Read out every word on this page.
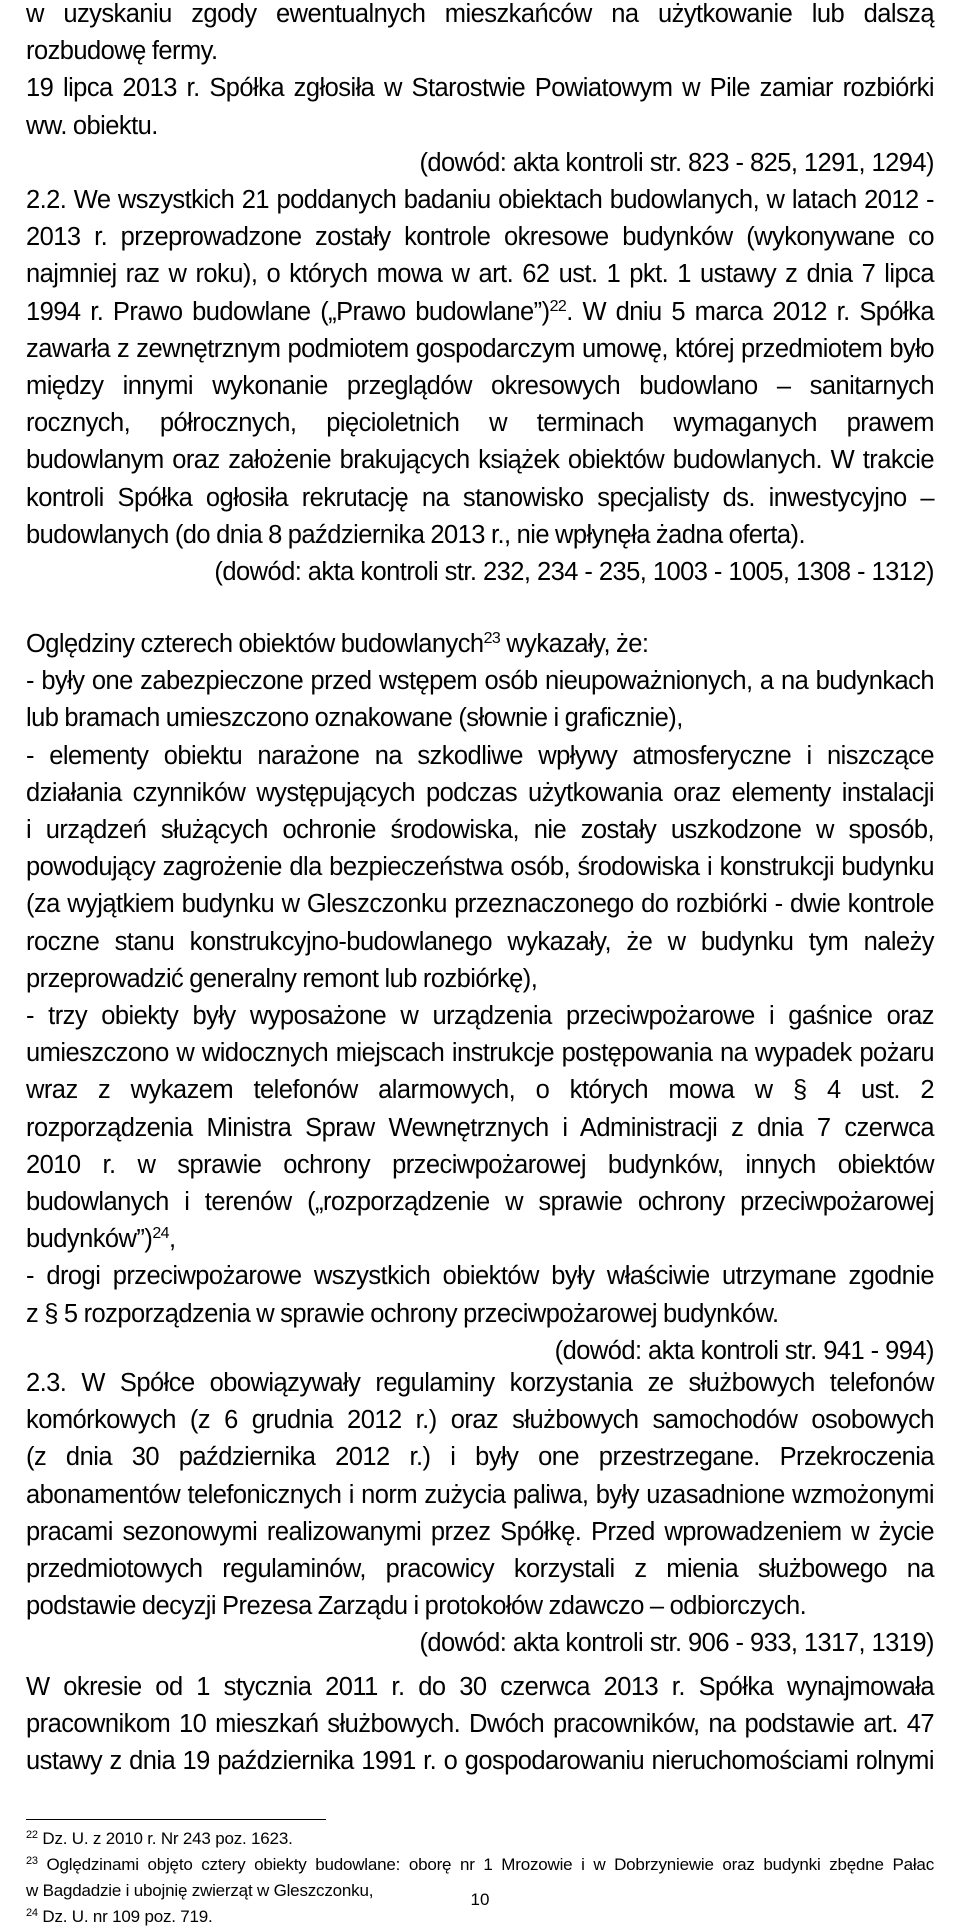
w uzyskaniu zgody ewentualnych mieszkańców na użytkowanie lub dalszą

rozbudowę fermy.

19 lipca 2013 r. Spółka zgłosiła w Starostwie Powiatowym w Pile zamiar rozbiórki

ww. obiektu.

(dowód: akta kontroli str. 823 - 825, 1291, 1294)

2.2. We wszystkich 21 poddanych badaniu obiektach budowlanych, w latach 2012 -

2013 r. przeprowadzone zostały kontrole okresowe budynków (wykonywane co

najmniej raz w roku), o których mowa w art. 62 ust. 1 pkt. 1 ustawy z dnia 7 lipca

1994 r. Prawo budowlane („Prawo budowlane”)$^{22}$. W dniu 5 marca 2012 r. Spółka

zawarła z zewnętrznym podmiotem gospodarczym umowę, której przedmiotem było

między innymi wykonanie przeglądów okresowych budowlano – sanitarnych

rocznych, półrocznych, pięcioletnich w terminach wymaganych prawem

budowlanym oraz założenie brakujących książek obiektów budowlanych. W trakcie

kontroli Spółka ogłosiła rekrutację na stanowisko specjalisty ds. inwestycyjno –

budowlanych (do dnia 8 października 2013 r., nie wpłynęła żadna oferta).

(dowód: akta kontroli str. 232, 234 - 235, 1003 - 1005, 1308 - 1312)

Oględziny czterech obiektów budowlanych$^{23}$ wykazały, że:

- były one zabezpieczone przed wstępem osób nieupoważnionych, a na budynkach

lub bramach umieszczono oznakowane (słownie i graficznie),

- elementy obiektu narażone na szkodliwe wpływy atmosferyczne i niszczące

działania czynników występujących podczas użytkowania oraz elementy instalacji

i urządzeń służących ochronie środowiska, nie zostały uszkodzone w sposób,

powodujący zagrożenie dla bezpieczeństwa osób, środowiska i konstrukcji budynku

(za wyjątkiem budynku w Gleszczonku przeznaczonego do rozbiórki - dwie kontrole

roczne stanu konstrukcyjno-budowlanego wykazały, że w budynku tym należy

przeprowadzić generalny remont lub rozbiórkę),

- trzy obiekty były wyposażone w urządzenia przeciwpożarowe i gaśnice oraz

umieszczono w widocznych miejscach instrukcje postępowania na wypadek pożaru

wraz z wykazem telefonów alarmowych, o których mowa w § 4 ust. 2

rozporządzenia Ministra Spraw Wewnętrznych i Administracji z dnia 7 czerwca

2010 r. w sprawie ochrony przeciwpożarowej budynków, innych obiektów

budowlanych i terenów („rozporządzenie w sprawie ochrony przeciwpożarowej

budynków”)$^{24}$,

- drogi przeciwpożarowe wszystkich obiektów były właściwie utrzymane zgodnie

z § 5 rozporządzenia w sprawie ochrony przeciwpożarowej budynków.

(dowód: akta kontroli str. 941 - 994)

2.3. W Spółce obowiązywały regulaminy korzystania ze służbowych telefonów

komórkowych (z 6 grudnia 2012 r.) oraz służbowych samochodów osobowych

(z dnia 30 października 2012 r.) i były one przestrzegane. Przekroczenia

abonamentów telefonicznych i norm zużycia paliwa, były uzasadnione wzmożonymi

pracami sezonowymi realizowanymi przez Spółkę. Przed wprowadzeniem w życie

przedmiotowych regulaminów, pracowicy korzystali z mienia służbowego na

podstawie decyzji Prezesa Zarządu i protokołów zdawczo – odbiorczych.

(dowód: akta kontroli str. 906 - 933, 1317, 1319)

W okresie od 1 stycznia 2011 r. do 30 czerwca 2013 r. Spółka wynajmowała

pracownikom 10 mieszkań służbowych. Dwóch pracowników, na podstawie art. 47

ustawy z dnia 19 października 1991 r. o gospodarowaniu nieruchomościami rolnymi

$^{22}$ Dz. U. z 2010 r. Nr 243 poz. 1623.

$^{23}$ Oględzinami objęto cztery obiekty budowlane: oborę nr 1 Mrozowie i w Dobrzyniewie oraz budynki zbędne Pałac

w Bagdadzie i ubojnię zwierząt w Gleszczonku,

$^{24}$ Dz. U. nr 109 poz. 719.

10
